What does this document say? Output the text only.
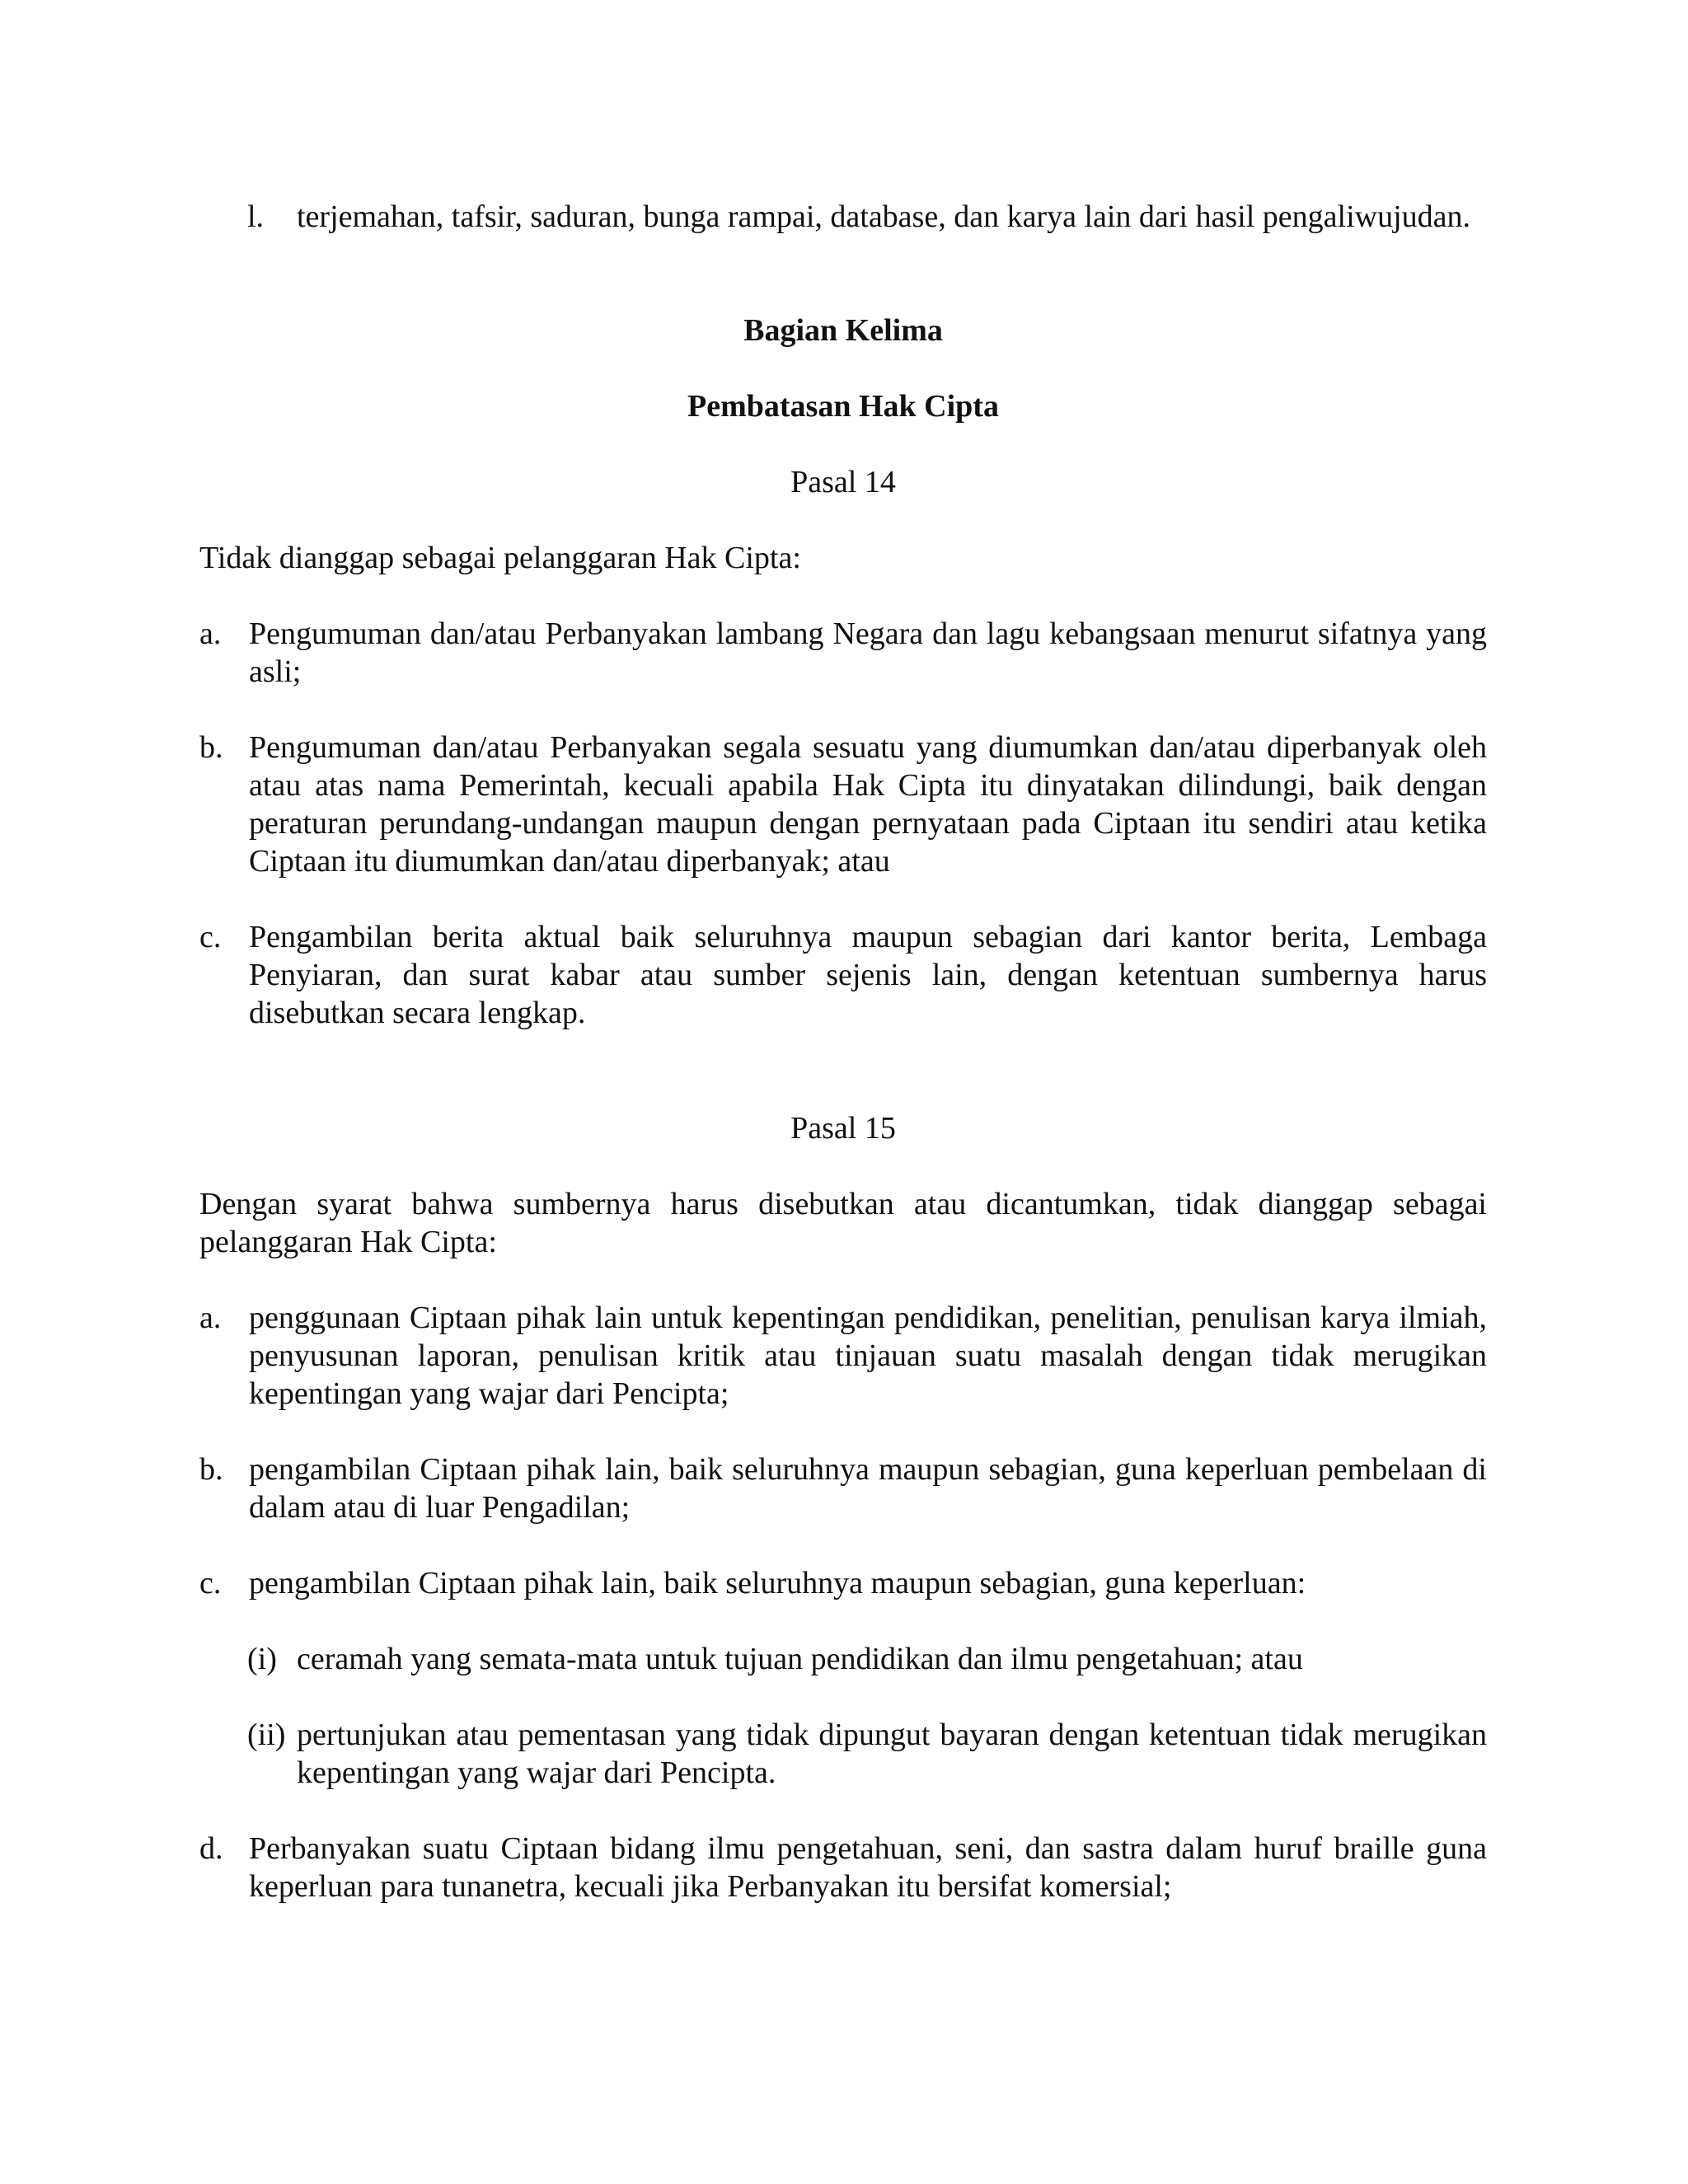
l.	terjemahan, tafsir, saduran, bunga rampai, database, dan karya lain dari hasil pengaliwujudan.
Bagian Kelima
Pembatasan Hak Cipta
Pasal 14
Tidak dianggap sebagai pelanggaran Hak Cipta:
a. Pengumuman dan/atau Perbanyakan lambang Negara dan lagu kebangsaan menurut sifatnya yang asli;
b. Pengumuman dan/atau Perbanyakan segala sesuatu yang diumumkan dan/atau diperbanyak oleh atau atas nama Pemerintah, kecuali apabila Hak Cipta itu dinyatakan dilindungi, baik dengan peraturan perundang-undangan maupun dengan pernyataan pada Ciptaan itu sendiri atau ketika Ciptaan itu diumumkan dan/atau diperbanyak; atau
c. Pengambilan berita aktual baik seluruhnya maupun sebagian dari kantor berita, Lembaga Penyiaran, dan surat kabar atau sumber sejenis lain, dengan ketentuan sumbernya harus disebutkan secara lengkap.
Pasal 15
Dengan syarat bahwa sumbernya harus disebutkan atau dicantumkan, tidak dianggap sebagai pelanggaran Hak Cipta:
a. penggunaan Ciptaan pihak lain untuk kepentingan pendidikan, penelitian, penulisan karya ilmiah, penyusunan laporan, penulisan kritik atau tinjauan suatu masalah dengan tidak merugikan kepentingan yang wajar dari Pencipta;
b. pengambilan Ciptaan pihak lain, baik seluruhnya maupun sebagian, guna keperluan pembelaan di dalam atau di luar Pengadilan;
c. pengambilan Ciptaan pihak lain, baik seluruhnya maupun sebagian, guna keperluan:
(i) ceramah yang semata-mata untuk tujuan pendidikan dan ilmu pengetahuan; atau
(ii) pertunjukan atau pementasan yang tidak dipungut bayaran dengan ketentuan tidak merugikan kepentingan yang wajar dari Pencipta.
d. Perbanyakan suatu Ciptaan bidang ilmu pengetahuan, seni, dan sastra dalam huruf braille guna keperluan para tunanetra, kecuali jika Perbanyakan itu bersifat komersial;
